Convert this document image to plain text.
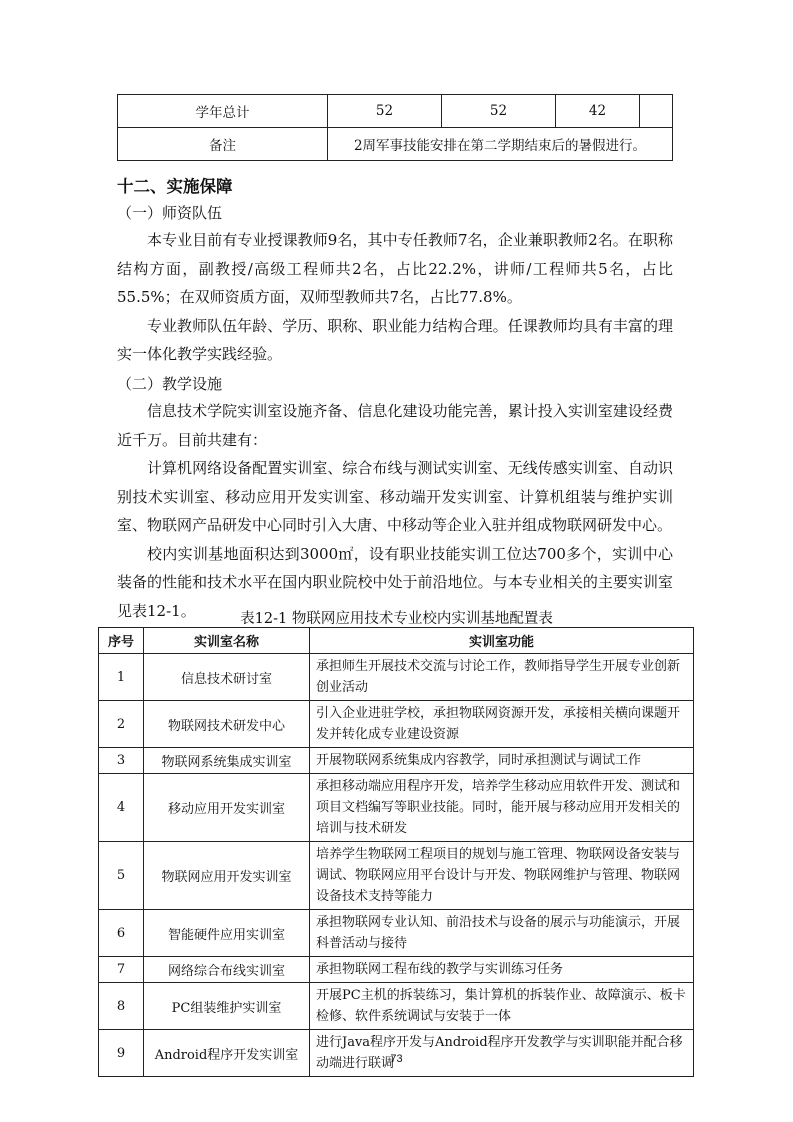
学年总计	52	52	42	
备注	2周军事技能安排在第二学期结束后的暑假进行。			
十二、实施保障
（一）师资队伍

本专业目前有专业授课教师9名，其中专任教师7名，企业兼职教师2名。在职称结构方面，副教授/高级工程师共2名，占比22.2%，讲师/工程师共5名，占比55.5%；在双师资质方面，双师型教师共7名，占比77.8%。

专业教师队伍年龄、学历、职称、职业能力结构合理。任课教师均具有丰富的理实一体化教学实践经验。

（二）教学设施

信息技术学院实训室设施齐备、信息化建设功能完善，累计投入实训室建设经费近千万。目前共建有：

计算机网络设备配置实训室、综合布线与测试实训室、无线传感实训室、自动识别技术实训室、移动应用开发实训室、移动端开发实训室、计算机组装与维护实训室、物联网产品研发中心同时引入大唐、中移动等企业入驻并组成物联网研发中心。

校内实训基地面积达到3000㎡，设有职业技能实训工位达700多个，实训中心装备的性能和技术水平在国内职业院校中处于前沿地位。与本专业相关的主要实训室见表12-1。	表12-1 物联网应用技术专业校内实训基地配置表
序号	实训室名称	实训室功能
1	信息技术研讨室	承担师生开展技术交流与讨论工作，教师指导学生开展专业创新创业活动
2	物联网技术研发中心	引入企业进驻学校，承担物联网资源开发，承接相关横向课题开发并转化成专业建设资源
3	物联网系统集成实训室	开展物联网系统集成内容教学，同时承担测试与调试工作
4	移动应用开发实训室	承担移动端应用程序开发，培养学生移动应用软件开发、测试和项目文档编写等职业技能。同时，能开展与移动应用开发相关的培训与技术研发
5	物联网应用开发实训室	培养学生物联网工程项目的规划与施工管理、物联网设备安装与调试、物联网应用平台设计与开发、物联网维护与管理、物联网设备技术支持等能力
6	智能硬件应用实训室	承担物联网专业认知、前沿技术与设备的展示与功能演示，开展科普活动与接待
7	网络综合布线实训室	承担物联网工程布线的教学与实训练习任务
8	PC组装维护实训室	开展PC主机的拆装练习，集计算机的拆装作业、故障演示、板卡检修、软件系统调试与安装于一体
9	Android程序开发实训室	进行Java程序开发与Android程序开发教学与实训职能并配合移动端进行联调
73
